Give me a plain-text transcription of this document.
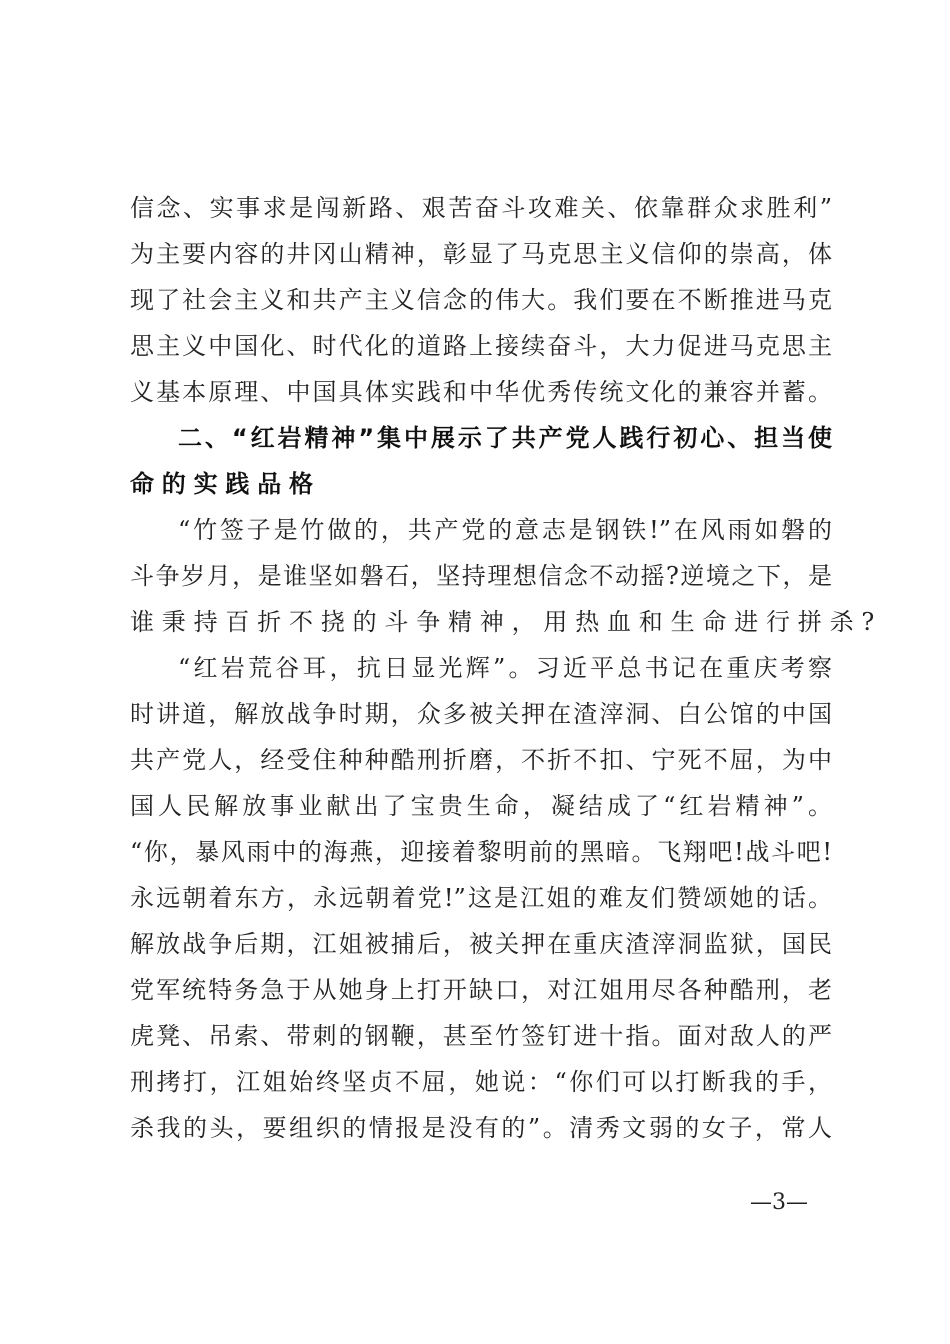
信念、实事求是闯新路、艰苦奋斗攻难关、依靠群众求胜利”
为主要内容的井冈山精神，彰显了马克思主义信仰的崇高，体
现了社会主义和共产主义信念的伟大。我们要在不断推进马克
思主义中国化、时代化的道路上接续奋斗，大力促进马克思主
义基本原理、中国具体实践和中华优秀传统文化的兼容并蓄。
二、“红岩精神”集中展示了共产党人践行初心、担当使
命的实践品格
“竹签子是竹做的，共产党的意志是钢铁!”在风雨如磐的
斗争岁月，是谁坚如磐石，坚持理想信念不动摇?逆境之下，是
谁秉持百折不挠的斗争精神，用热血和生命进行拼杀?
“红岩荒谷耳，抗日显光辉”。习近平总书记在重庆考察
时讲道，解放战争时期，众多被关押在渣滓洞、白公馆的中国
共产党人，经受住种种酷刑折磨，不折不扣、宁死不屈，为中
国人民解放事业献出了宝贵生命，凝结成了“红岩精神”。
“你，暴风雨中的海燕，迎接着黎明前的黑暗。飞翔吧!战斗吧!
永远朝着东方，永远朝着党!”这是江姐的难友们赞颂她的话。
解放战争后期，江姐被捕后，被关押在重庆渣滓洞监狱，国民
党军统特务急于从她身上打开缺口，对江姐用尽各种酷刑，老
虎凳、吊索、带刺的钢鞭，甚至竹签钉进十指。面对敌人的严
刑拷打，江姐始终坚贞不屈，她说：“你们可以打断我的手，
杀我的头，要组织的情报是没有的”。清秀文弱的女子，常人
—3—
